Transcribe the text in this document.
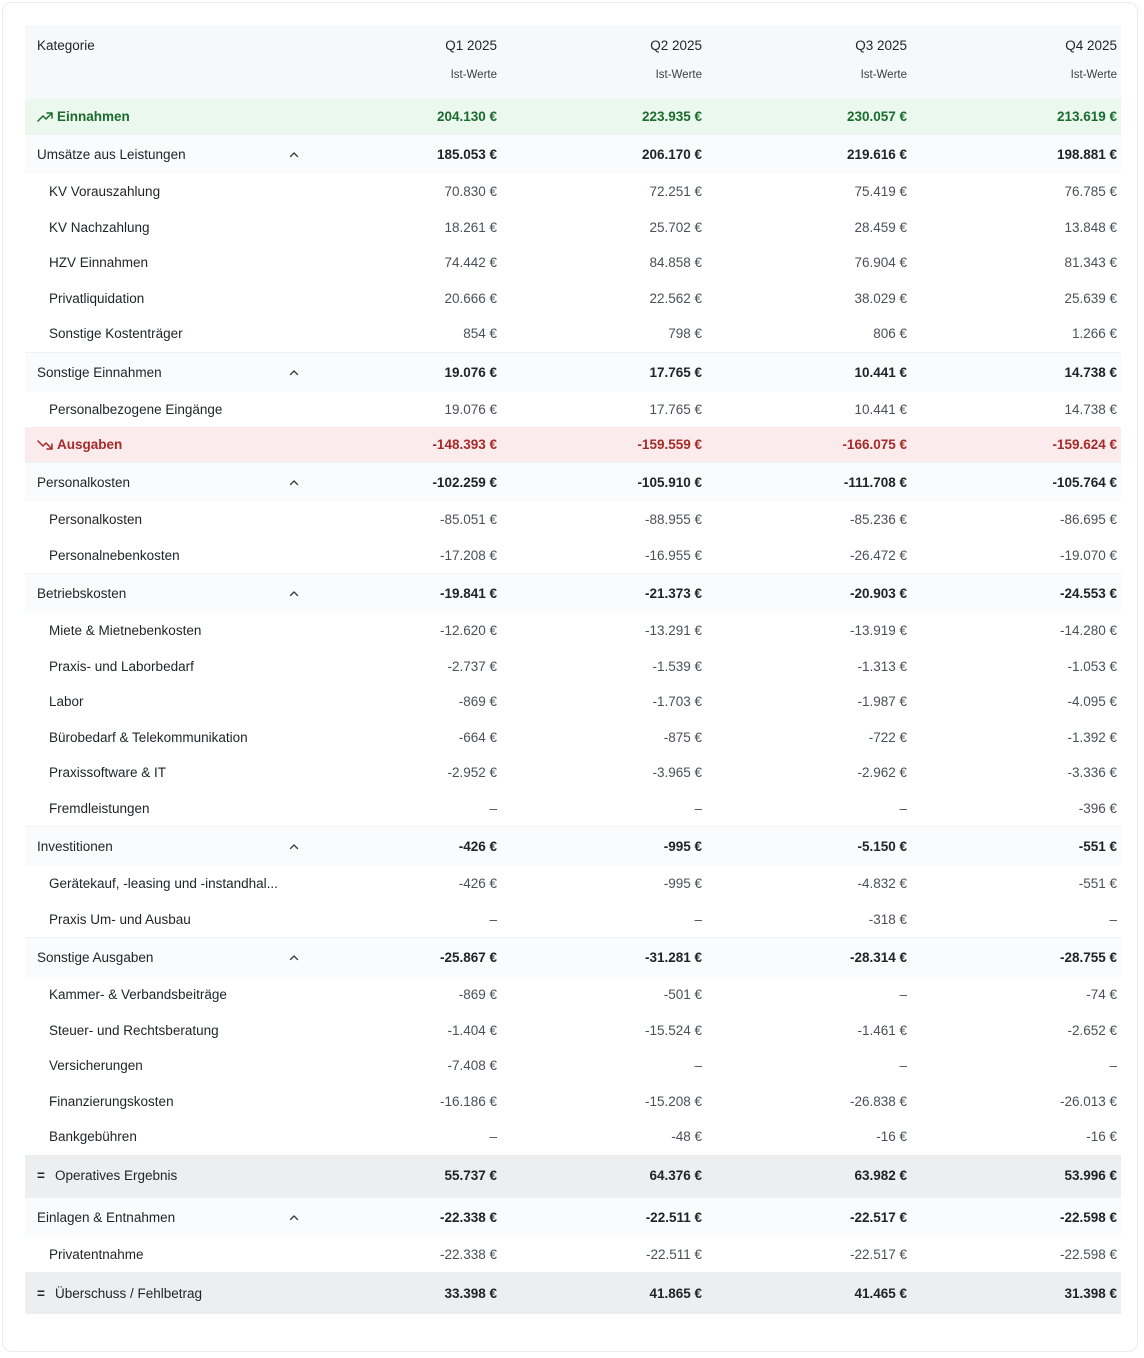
Kategorie	Q1 2025	Q2 2025	Q3 2025	Q4 2025
	Ist-Werte	Ist-Werte	Ist-Werte	Ist-Werte
Einnahmen	204.130 €	223.935 €	230.057 €	213.619 €
Umsätze aus Leistungen	185.053 €	206.170 €	219.616 €	198.881 €
KV Vorauszahlung	70.830 €	72.251 €	75.419 €	76.785 €
KV Nachzahlung	18.261 €	25.702 €	28.459 €	13.848 €
HZV Einnahmen	74.442 €	84.858 €	76.904 €	81.343 €
Privatliquidation	20.666 €	22.562 €	38.029 €	25.639 €
Sonstige Kostenträger	854 €	798 €	806 €	1.266 €
Sonstige Einnahmen	19.076 €	17.765 €	10.441 €	14.738 €
Personalbezogene Eingänge	19.076 €	17.765 €	10.441 €	14.738 €
Ausgaben	-148.393 €	-159.559 €	-166.075 €	-159.624 €
Personalkosten	-102.259 €	-105.910 €	-111.708 €	-105.764 €
Personalkosten	-85.051 €	-88.955 €	-85.236 €	-86.695 €
Personalnebenkosten	-17.208 €	-16.955 €	-26.472 €	-19.070 €
Betriebskosten	-19.841 €	-21.373 €	-20.903 €	-24.553 €
Miete & Mietnebenkosten	-12.620 €	-13.291 €	-13.919 €	-14.280 €
Praxis- und Laborbedarf	-2.737 €	-1.539 €	-1.313 €	-1.053 €
Labor	-869 €	-1.703 €	-1.987 €	-4.095 €
Bürobedarf & Telekommunikation	-664 €	-875 €	-722 €	-1.392 €
Praxissoftware & IT	-2.952 €	-3.965 €	-2.962 €	-3.336 €
Fremdleistungen	–	–	–	-396 €
Investitionen	-426 €	-995 €	-5.150 €	-551 €
Gerätekauf, -leasing und -instandhal...	-426 €	-995 €	-4.832 €	-551 €
Praxis Um- und Ausbau	–	–	-318 €	–
Sonstige Ausgaben	-25.867 €	-31.281 €	-28.314 €	-28.755 €
Kammer- & Verbandsbeiträge	-869 €	-501 €	–	-74 €
Steuer- und Rechtsberatung	-1.404 €	-15.524 €	-1.461 €	-2.652 €
Versicherungen	-7.408 €	–	–	–
Finanzierungskosten	-16.186 €	-15.208 €	-26.838 €	-26.013 €
Bankgebühren	–	-48 €	-16 €	-16 €
= Operatives Ergebnis	55.737 €	64.376 €	63.982 €	53.996 €
Einlagen & Entnahmen	-22.338 €	-22.511 €	-22.517 €	-22.598 €
Privatentnahme	-22.338 €	-22.511 €	-22.517 €	-22.598 €
= Überschuss / Fehlbetrag	33.398 €	41.865 €	41.465 €	31.398 €
